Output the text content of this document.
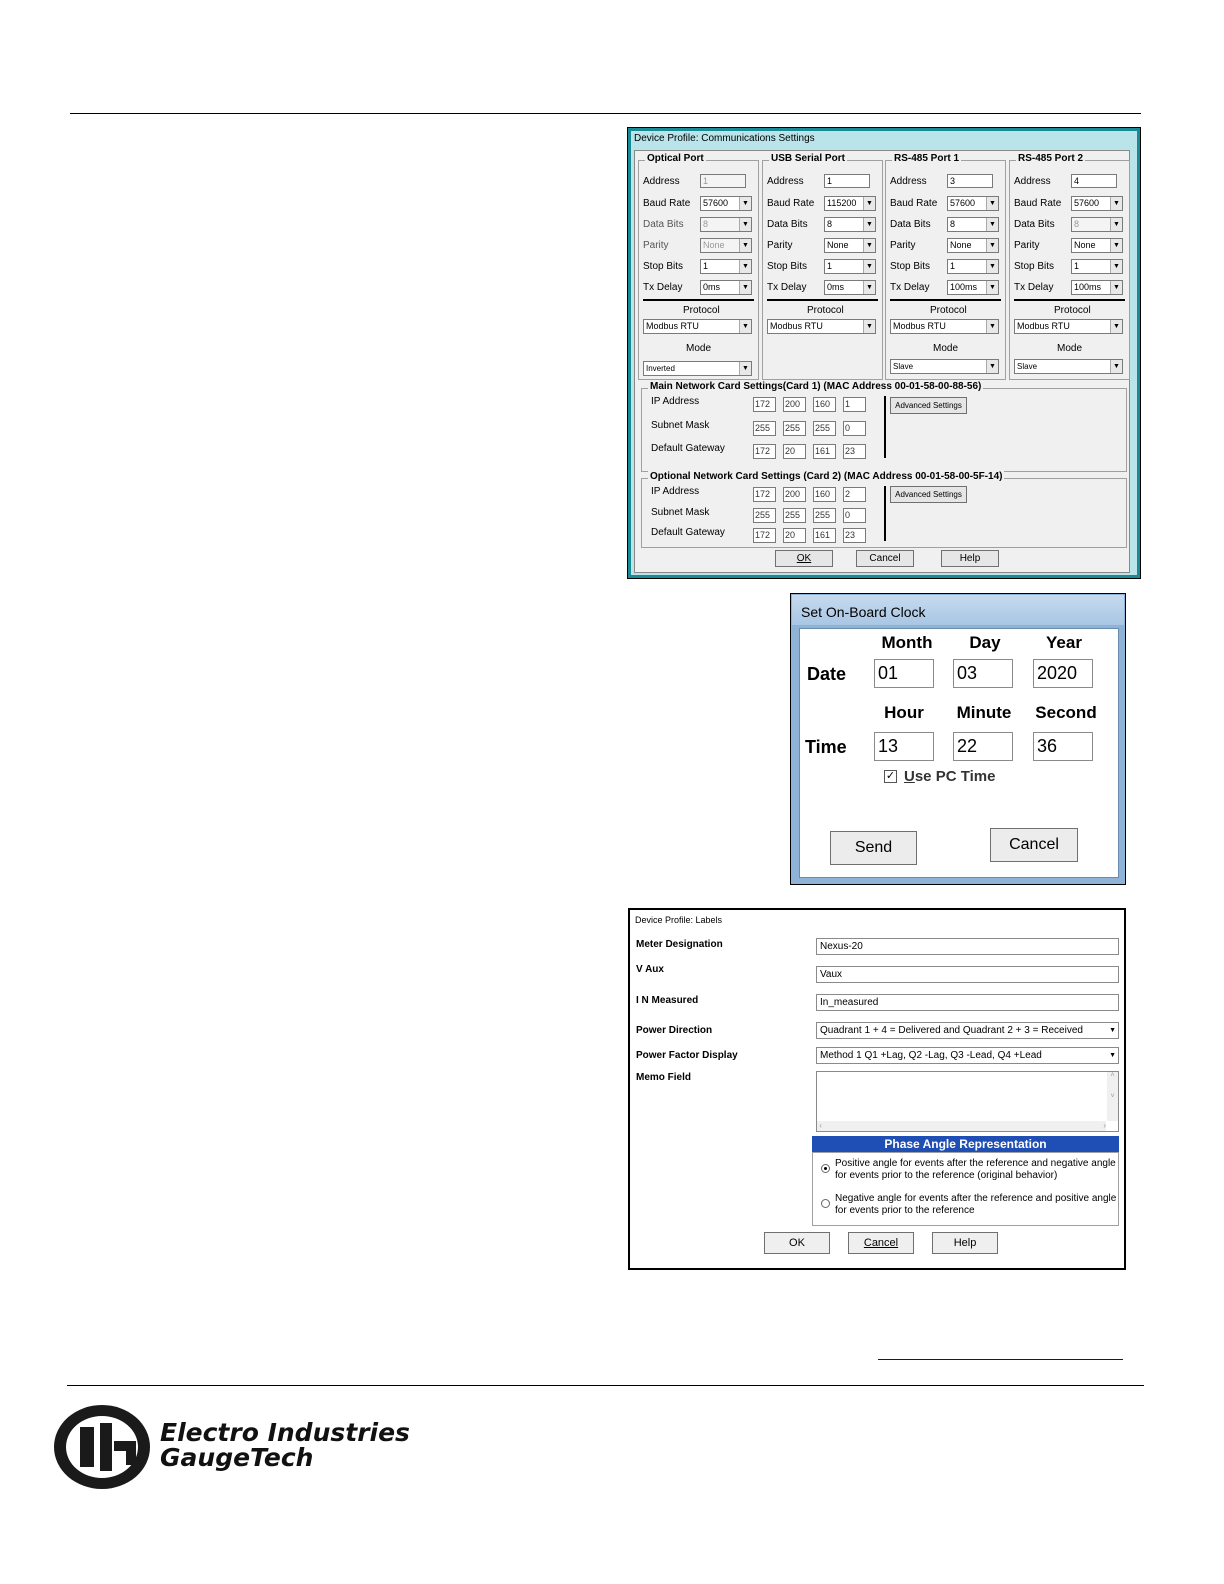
Device Profile: Communications Settings
Optical Port
Address	1
Baud Rate	57600	▼
Data Bits	8	▼
Parity	None	▼
Stop Bits	1	▼
Tx Delay	0ms	▼
Protocol
Modbus RTU	▼
Mode
Inverted	▼
USB Serial Port
Address	1
Baud Rate	115200	▼
Data Bits	8	▼
Parity	None	▼
Stop Bits	1	▼
Tx Delay	0ms	▼
Protocol
Modbus RTU	▼
RS-485 Port 1
Address	3
Baud Rate	57600	▼
Data Bits	8	▼
Parity	None	▼
Stop Bits	1	▼
Tx Delay	100ms	▼
Protocol
Modbus RTU	▼
Mode
Slave	▼
RS-485 Port 2
Address	4
Baud Rate	57600	▼
Data Bits	8	▼
Parity	None	▼
Stop Bits	1	▼
Tx Delay	100ms	▼
Protocol
Modbus RTU	▼
Mode
Slave	▼
Main Network Card Settings(Card 1) (MAC Address 00-01-58-00-88-56)
Optional Network Card Settings (Card 2) (MAC Address 00-01-58-00-5F-14)
IP Address	172	200	160	1
Subnet Mask	255	255	255	0
Default Gateway	172	20	161	23
Advanced Settings
IP Address	172	200	160	2
Subnet Mask	255	255	255	0
Default Gateway	172	20	161	23
Advanced Settings
OK	Cancel	Help
Set On-Board Clock
Month	Day	Year
Date 01	03	2020
Hour	Minute	Second
Time 13	22	36
✓ Use PC Time
Send	Cancel
Device Profile: Labels
Meter Designation	Nexus-20
V Aux	Vaux
I N Measured	In_measured
Power Direction	Quadrant 1 + 4 = Delivered and Quadrant 2 + 3 = Received	▼
Power Factor Display	Method 1 Q1 +Lag, Q2 -Lag, Q3 -Lead, Q4 +Lead	▼
Memo Field
‹	›
˄

˅
Phase Angle Representation
Positive angle for events after the reference and negative angle for events prior to the reference (original behavior)
Negative angle for events after the reference and positive angle for events prior to the reference
OK	Cancel	Help
Electro Industries
GaugeTech
